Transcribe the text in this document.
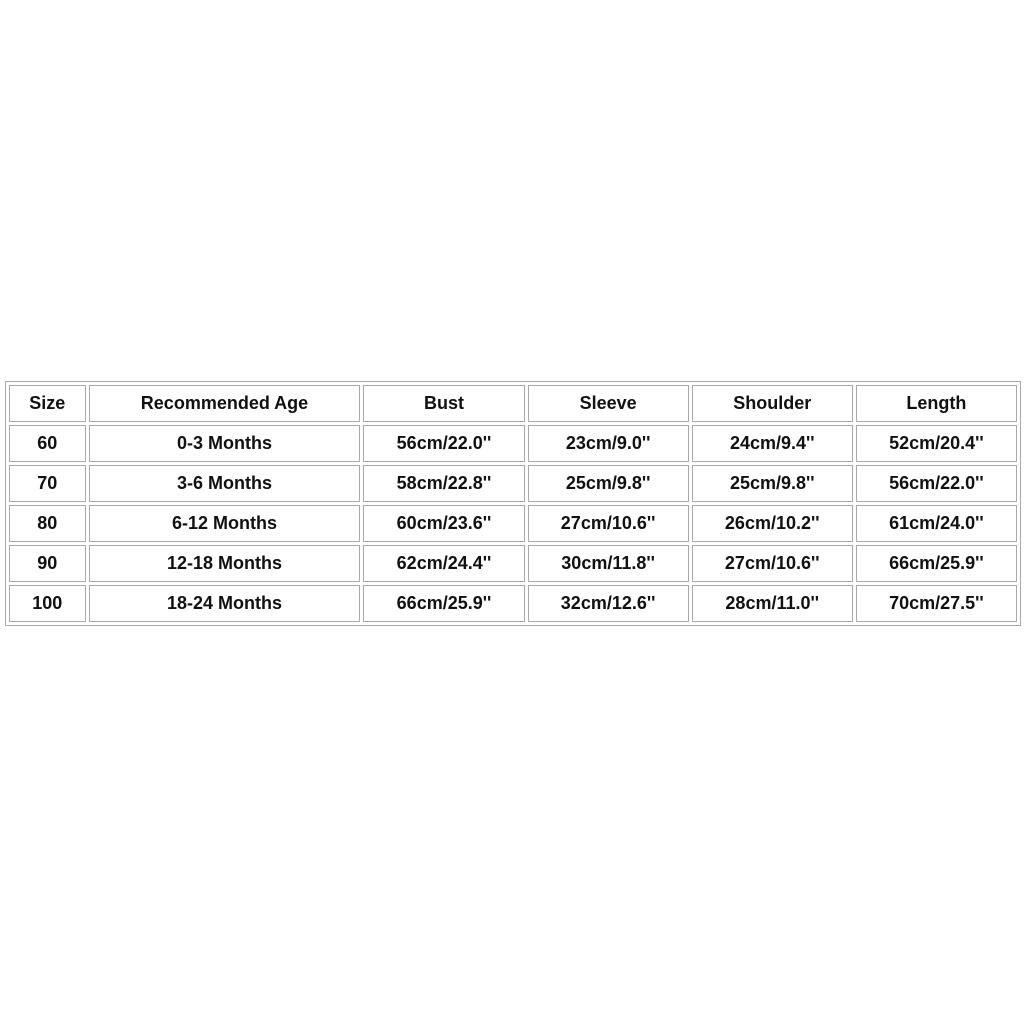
Size	Recommended Age	Bust	Sleeve	Shoulder	Length
60	0-3 Months	56cm/22.0''	23cm/9.0''	24cm/9.4''	52cm/20.4''
70	3-6 Months	58cm/22.8''	25cm/9.8''	25cm/9.8''	56cm/22.0''
80	6-12 Months	60cm/23.6''	27cm/10.6''	26cm/10.2''	61cm/24.0''
90	12-18 Months	62cm/24.4''	30cm/11.8''	27cm/10.6''	66cm/25.9''
100	18-24 Months	66cm/25.9''	32cm/12.6''	28cm/11.0''	70cm/27.5''
